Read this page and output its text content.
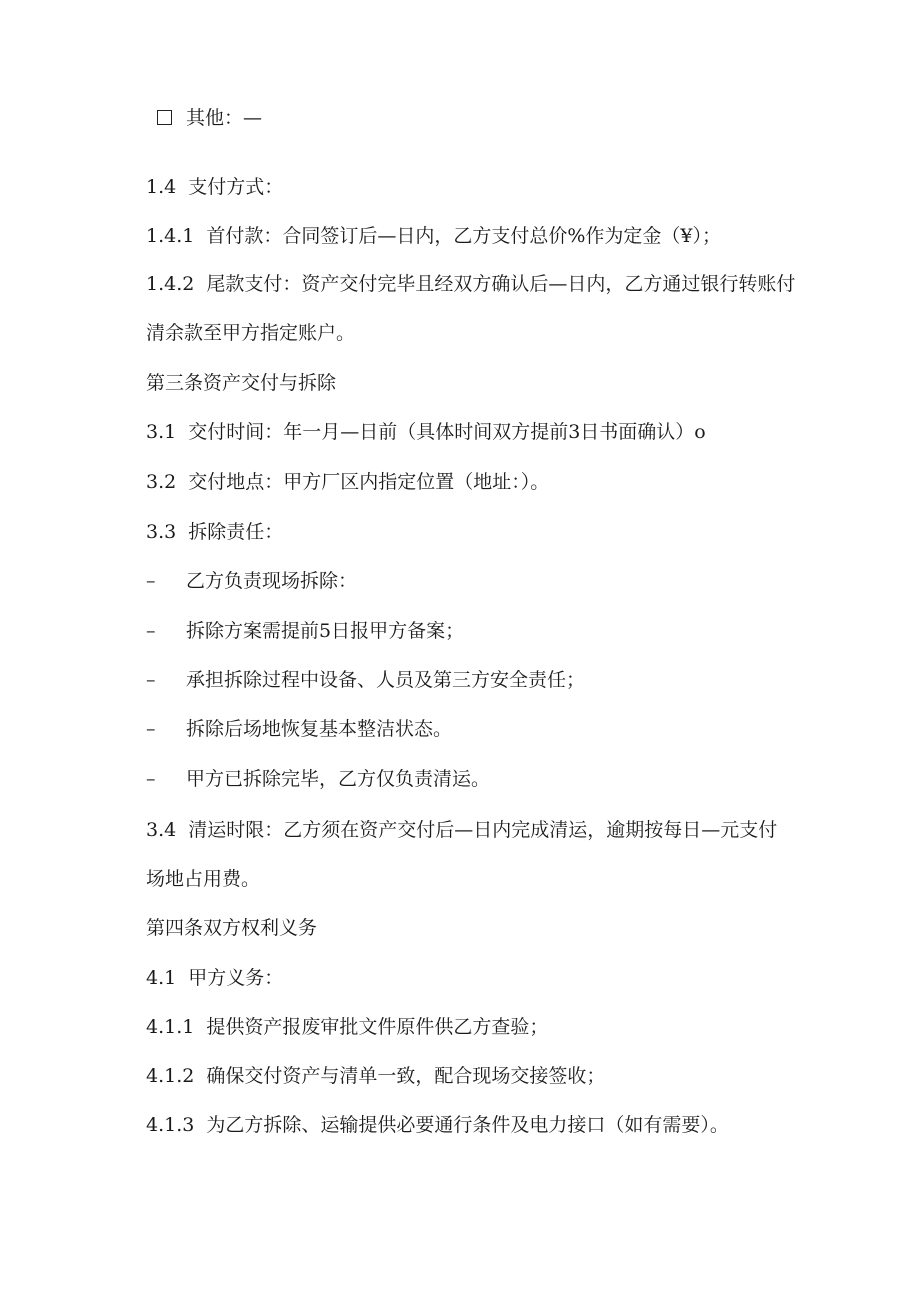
其他：—
1.4 支付方式：
1.4.1 首付款：合同签订后—日内，乙方支付总价%作为定金（¥）；
1.4.2 尾款支付：资产交付完毕且经双方确认后—日内，乙方通过银行转账付
清余款至甲方指定账户。
第三条资产交付与拆除
3.1 交付时间：年一月—日前（具体时间双方提前3日书面确认）o
3.2 交付地点：甲方厂区内指定位置（地址：）。
3.3 拆除责任：
– 乙方负责现场拆除：
– 拆除方案需提前5日报甲方备案；
– 承担拆除过程中设备、人员及第三方安全责任；
– 拆除后场地恢复基本整洁状态。
– 甲方已拆除完毕，乙方仅负责清运。
3.4 清运时限：乙方须在资产交付后—日内完成清运，逾期按每日—元支付
场地占用费。
第四条双方权利义务
4.1 甲方义务：
4.1.1 提供资产报废审批文件原件供乙方查验；
4.1.2 确保交付资产与清单一致，配合现场交接签收；
4.1.3 为乙方拆除、运输提供必要通行条件及电力接口（如有需要）。
